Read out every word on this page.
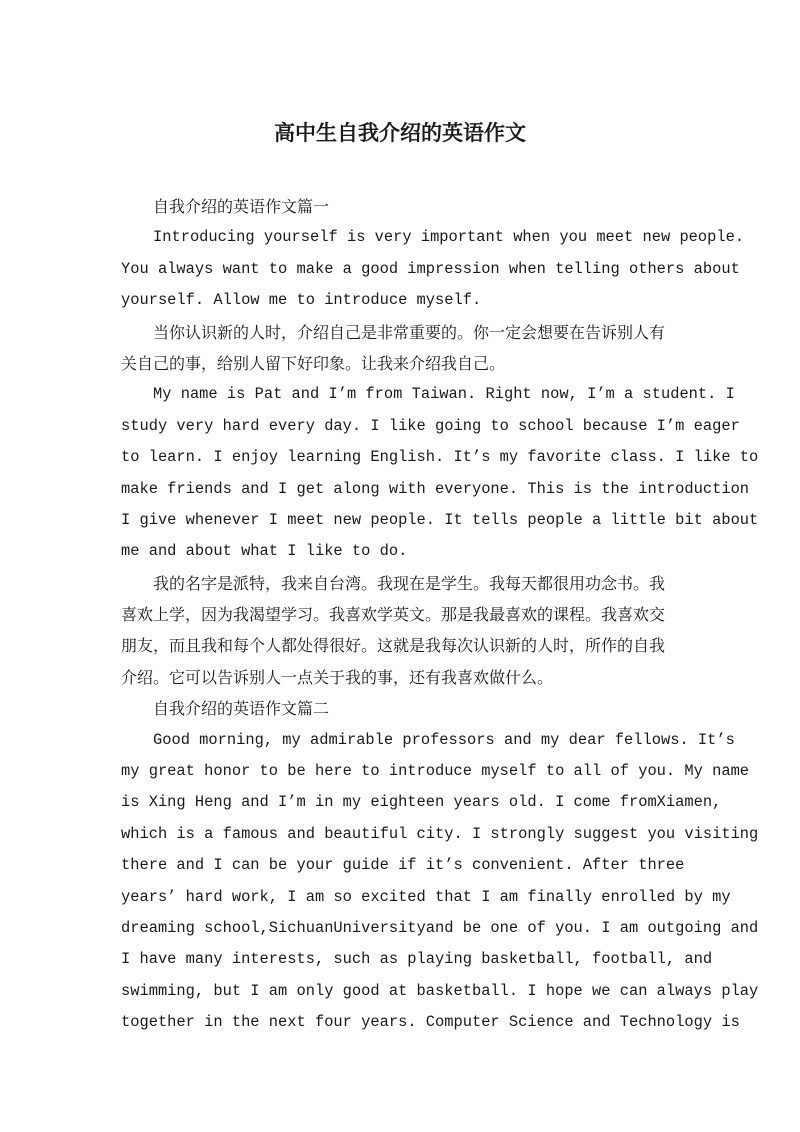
高中生自我介绍的英语作文
自我介绍的英语作文篇一
Introducing yourself is very important when you meet new people.
You always want to make a good impression when telling others about
yourself. Allow me to introduce myself.
当你认识新的人时，介绍自己是非常重要的。你一定会想要在告诉别人有
关自己的事，给别人留下好印象。让我来介绍我自己。
My name is Pat and I’m from Taiwan. Right now, I’m a student. I
study very hard every day. I like going to school because I’m eager
to learn. I enjoy learning English. It’s my favorite class. I like to
make friends and I get along with everyone. This is the introduction
I give whenever I meet new people. It tells people a little bit about
me and about what I like to do.
我的名字是派特，我来自台湾。我现在是学生。我每天都很用功念书。我
喜欢上学，因为我渴望学习。我喜欢学英文。那是我最喜欢的课程。我喜欢交
朋友，而且我和每个人都处得很好。这就是我每次认识新的人时，所作的自我
介绍。它可以告诉别人一点关于我的事，还有我喜欢做什么。
自我介绍的英语作文篇二
Good morning, my admirable professors and my dear fellows. It’s
my great honor to be here to introduce myself to all of you. My name
is Xing Heng and I’m in my eighteen years old. I come fromXiamen,
which is a famous and beautiful city. I strongly suggest you visiting
there and I can be your guide if it’s convenient. After three
years’ hard work, I am so excited that I am finally enrolled by my
dreaming school,SichuanUniversityand be one of you. I am outgoing and
I have many interests, such as playing basketball, football, and
swimming, but I am only good at basketball. I hope we can always play
together in the next four years. Computer Science and Technology is
